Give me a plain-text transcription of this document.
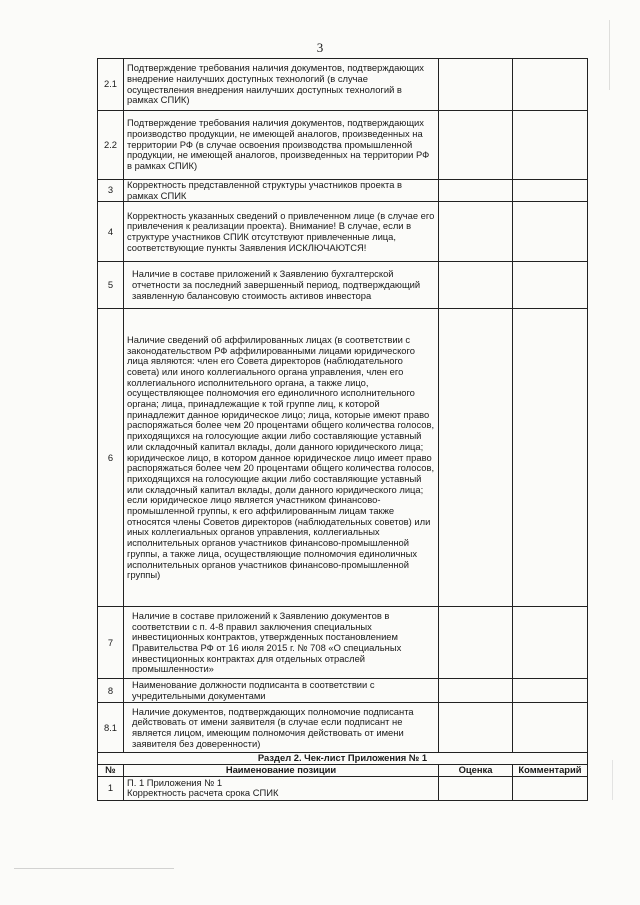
3
2.1	Подтверждение требования наличия документов, подтверждающих внедрение наилучших доступных технологий (в случае осуществления внедрения наилучших доступных технологий в рамках СПИК)		
2.2	Подтверждение требования наличия документов, подтверждающих производство продукции, не имеющей аналогов, произведенных на территории РФ (в случае освоения производства промышленной продукции, не имеющей аналогов, произведенных на территории РФ в рамках СПИК)		
3	Корректность представленной структуры участников проекта в рамках СПИК		
4	Корректность указанных сведений о привлеченном лице (в случае его привлечения к реализации проекта). Внимание! В случае, если в структуре участников СПИК отсутствуют привлеченные лица, соответствующие пункты Заявления ИСКЛЮЧАЮТСЯ!		
5	Наличие в составе приложений к Заявлению бухгалтерской отчетности за последний завершенный период, подтверждающий заявленную балансовую стоимость активов инвестора		
6	Наличие сведений об аффилированных лицах (в соответствии с законодательством РФ аффилированными лицами юридического лица являются: член его Совета директоров (наблюдательного совета) или иного коллегиального органа управления, член его коллегиального исполнительного органа, а также лицо, осуществляющее полномочия его единоличного исполнительного органа; лица, принадлежащие к той группе лиц, к которой принадлежит данное юридическое лицо; лица, которые имеют право распоряжаться более чем 20 процентами общего количества голосов, приходящихся на голосующие акции либо составляющие уставный или складочный капитал вклады, доли данного юридического лица; юридическое лицо, в котором данное юридическое лицо имеет право распоряжаться более чем 20 процентами общего количества голосов, приходящихся на голосующие акции либо составляющие уставный или складочный капитал вклады, доли данного юридического лица; если юридическое лицо является участником финансово-промышленной группы, к его аффилированным лицам также относятся члены Советов директоров (наблюдательных советов) или иных коллегиальных органов управления, коллегиальных исполнительных органов участников финансово-промышленной группы, а также лица, осуществляющие полномочия единоличных исполнительных органов участников финансово-промышленной группы)		
7	Наличие в составе приложений к Заявлению документов в соответствии с п. 4-8 правил заключения специальных инвестиционных контрактов, утвержденных постановлением Правительства РФ от 16 июля 2015 г. № 708 «О специальных инвестиционных контрактах для отдельных отраслей промышленности»		
8	Наименование должности подписанта в соответствии с учредительными документами		
8.1	Наличие документов, подтверждающих полномочие подписанта действовать от имени заявителя (в случае если подписант не является лицом, имеющим полномочия действовать от имени заявителя без доверенности)		
Раздел 2. Чек-лист Приложения № 1			
№	Наименование позиции	Оценка	Комментарий
1	П. 1 Приложения № 1
Корректность расчета срока СПИК		
